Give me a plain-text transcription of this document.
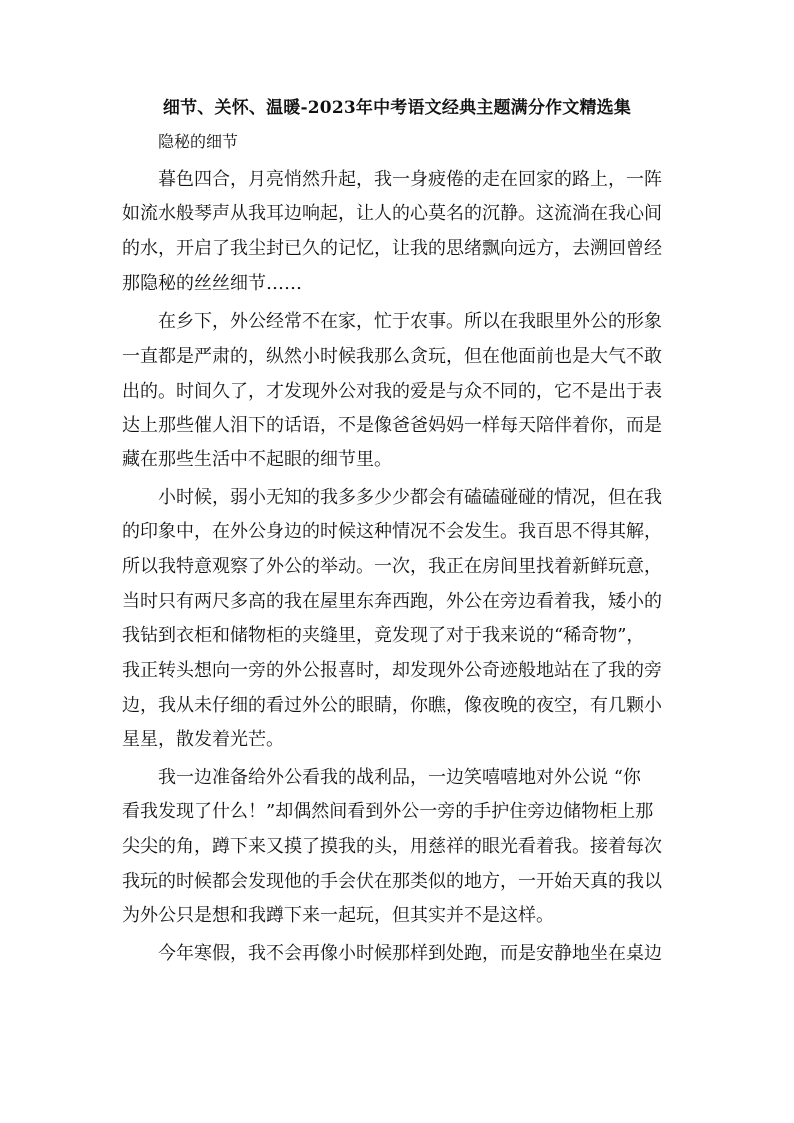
细节、关怀、温暖-2023年中考语文经典主题满分作文精选集
隐秘的细节

暮色四合，月亮悄然升起，我一身疲倦的走在回家的路上，一阵

如流水般琴声从我耳边响起，让人的心莫名的沉静。这流淌在我心间

的水，开启了我尘封已久的记忆，让我的思绪飘向远方，去溯回曾经

那隐秘的丝丝细节……

在乡下，外公经常不在家，忙于农事。所以在我眼里外公的形象

一直都是严肃的，纵然小时候我那么贪玩，但在他面前也是大气不敢

出的。时间久了，才发现外公对我的爱是与众不同的，它不是出于表

达上那些催人泪下的话语，不是像爸爸妈妈一样每天陪伴着你，而是

藏在那些生活中不起眼的细节里。

小时候，弱小无知的我多多少少都会有磕磕碰碰的情况，但在我

的印象中，在外公身边的时候这种情况不会发生。我百思不得其解，

所以我特意观察了外公的举动。一次，我正在房间里找着新鲜玩意，

当时只有两尺多高的我在屋里东奔西跑，外公在旁边看着我，矮小的

我钻到衣柜和储物柜的夹缝里，竟发现了对于我来说的“稀奇物”，

我正转头想向一旁的外公报喜时，却发现外公奇迹般地站在了我的旁

边，我从未仔细的看过外公的眼睛，你瞧，像夜晚的夜空，有几颗小

星星，散发着光芒。

我一边准备给外公看我的战利品，一边笑嘻嘻地对外公说 “你

看我发现了什么！”却偶然间看到外公一旁的手护住旁边储物柜上那

尖尖的角，蹲下来又摸了摸我的头，用慈祥的眼光看着我。接着每次

我玩的时候都会发现他的手会伏在那类似的地方，一开始天真的我以

为外公只是想和我蹲下来一起玩，但其实并不是这样。

今年寒假，我不会再像小时候那样到处跑，而是安静地坐在桌边
